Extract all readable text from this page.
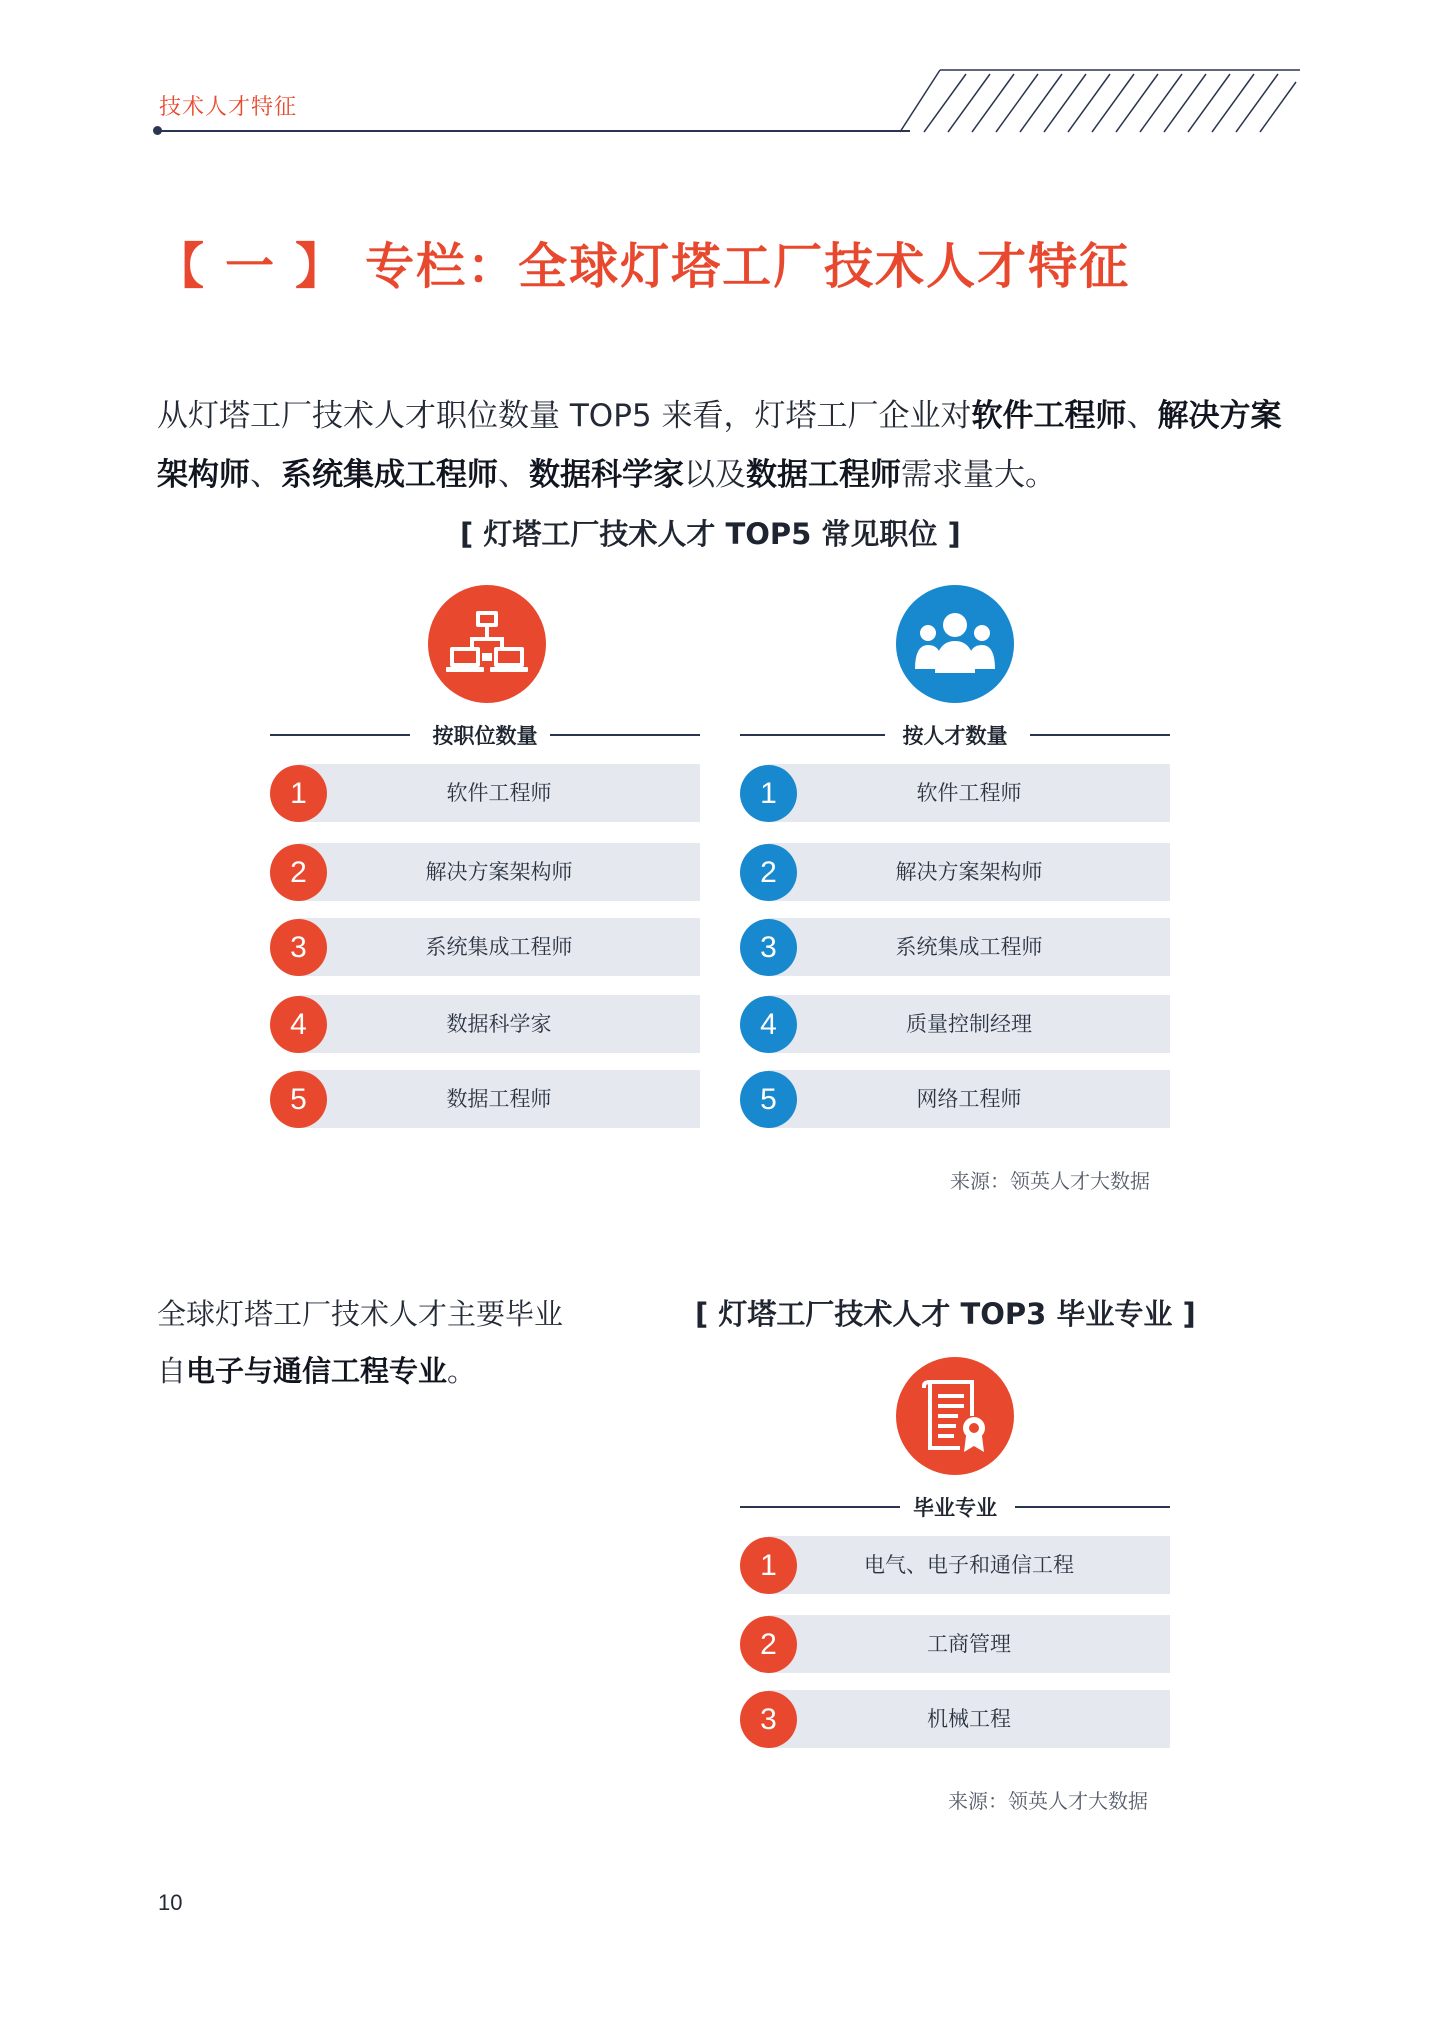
技术人才特征
【 一 】 专栏：全球灯塔工厂技术人才特征
从灯塔工厂技术人才职位数量 TOP5 来看，灯塔工厂企业对软件工程师、解决方案架构师、系统集成工程师、数据科学家以及数据工程师需求量大。
[ 灯塔工厂技术人才 TOP5 常见职位 ]
按职位数量	按人才数量
软件工程师
1
解决方案架构师
2
系统集成工程师
3
数据科学家
4
数据工程师
5
软件工程师
1
解决方案架构师
2
系统集成工程师
3
质量控制经理
4
网络工程师
5
来源：领英人才大数据
全球灯塔工厂技术人才主要毕业
自电子与通信工程专业。
[ 灯塔工厂技术人才 TOP3 毕业专业 ]
毕业专业
电气、电子和通信工程
1
工商管理
2
机械工程
3
来源：领英人才大数据
10
